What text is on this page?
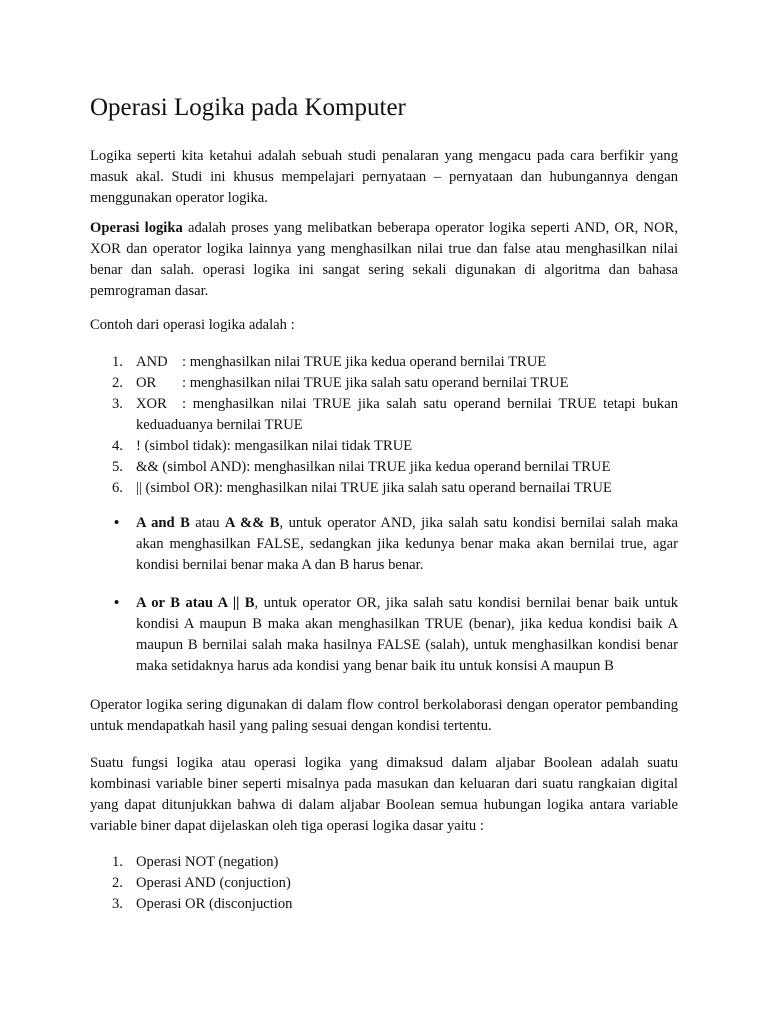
Operasi Logika pada Komputer

Logika seperti kita ketahui adalah sebuah studi penalaran yang mengacu pada cara berfikir yang masuk akal. Studi ini khusus mempelajari pernyataan – pernyataan dan hubungannya dengan menggunakan operator logika.

Operasi logika adalah proses yang melibatkan beberapa operator logika seperti AND, OR, NOR, XOR dan operator logika lainnya yang menghasilkan nilai true dan false atau menghasilkan nilai benar dan salah. operasi logika ini sangat sering sekali digunakan di algoritma dan bahasa pemrograman dasar.

Contoh dari operasi logika adalah :

1. AND : menghasilkan nilai TRUE jika kedua operand bernilai TRUE
2. OR : menghasilkan nilai TRUE jika salah satu operand bernilai TRUE
3. XOR : menghasilkan nilai TRUE jika salah satu operand bernilai TRUE tetapi bukan keduaduanya bernilai TRUE
4. ! (simbol tidak): mengasilkan nilai tidak TRUE
5. && (simbol AND): menghasilkan nilai TRUE jika kedua operand bernilai TRUE
6. || (simbol OR): menghasilkan nilai TRUE jika salah satu operand bernailai TRUE
• A and B atau A && B, untuk operator AND, jika salah satu kondisi bernilai salah maka akan menghasilkan FALSE, sedangkan jika kedunya benar maka akan bernilai true, agar kondisi bernilai benar maka A dan B harus benar.
• A or B atau A || B, untuk operator OR, jika salah satu kondisi bernilai benar baik untuk kondisi A maupun B maka akan menghasilkan TRUE (benar), jika kedua kondisi baik A maupun B bernilai salah maka hasilnya FALSE (salah), untuk menghasilkan kondisi benar maka setidaknya harus ada kondisi yang benar baik itu untuk konsisi A maupun B

Operator logika sering digunakan di dalam flow control berkolaborasi dengan operator pembanding untuk mendapatkah hasil yang paling sesuai dengan kondisi tertentu.

Suatu fungsi logika atau operasi logika yang dimaksud dalam aljabar Boolean adalah suatu kombinasi variable biner seperti misalnya pada masukan dan keluaran dari suatu rangkaian digital yang dapat ditunjukkan bahwa di dalam aljabar Boolean semua hubungan logika antara variable variable biner dapat dijelaskan oleh tiga operasi logika dasar yaitu :

1. Operasi NOT (negation)
2. Operasi AND (conjuction)
3. Operasi OR (disconjuction
